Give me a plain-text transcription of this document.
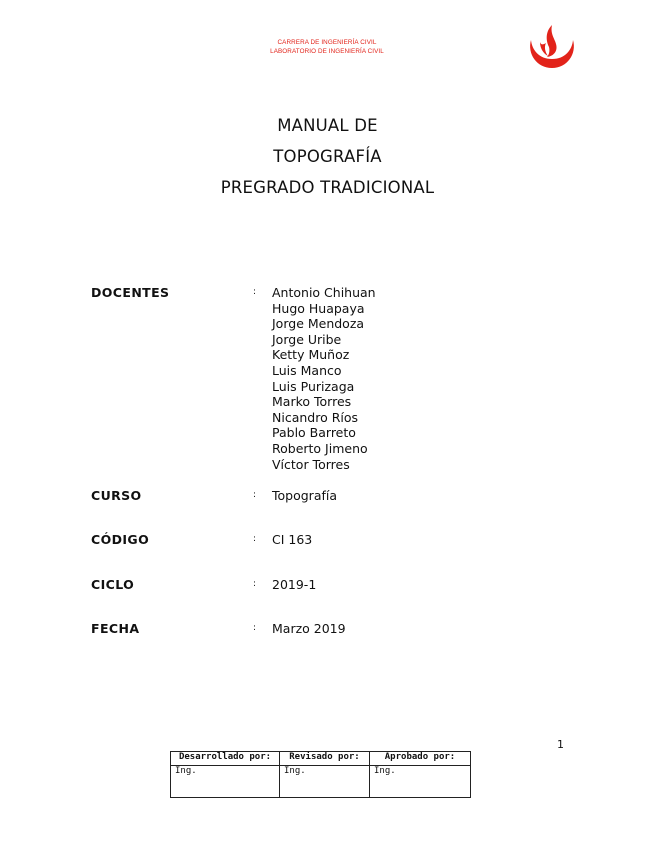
CARRERA DE INGENIERÍA CIVIL
LABORATORIO DE INGENIERÍA CIVIL
MANUAL DE
TOPOGRAFÍA
PREGRADO TRADICIONAL
DOCENTES	: Antonio Chihuan
Hugo Huapaya
Jorge Mendoza
Jorge Uribe
Ketty Muñoz
Luis Manco
Luis Purizaga
Marko Torres
Nicandro Ríos
Pablo Barreto
Roberto Jimeno
Víctor Torres
CURSO	: Topografía
CÓDIGO	: CI 163
CICLO	: 2019-1
FECHA	: Marzo 2019
1
Desarrollado por:	Revisado por:	Aprobado por:
Ing.	Ing.	Ing.
